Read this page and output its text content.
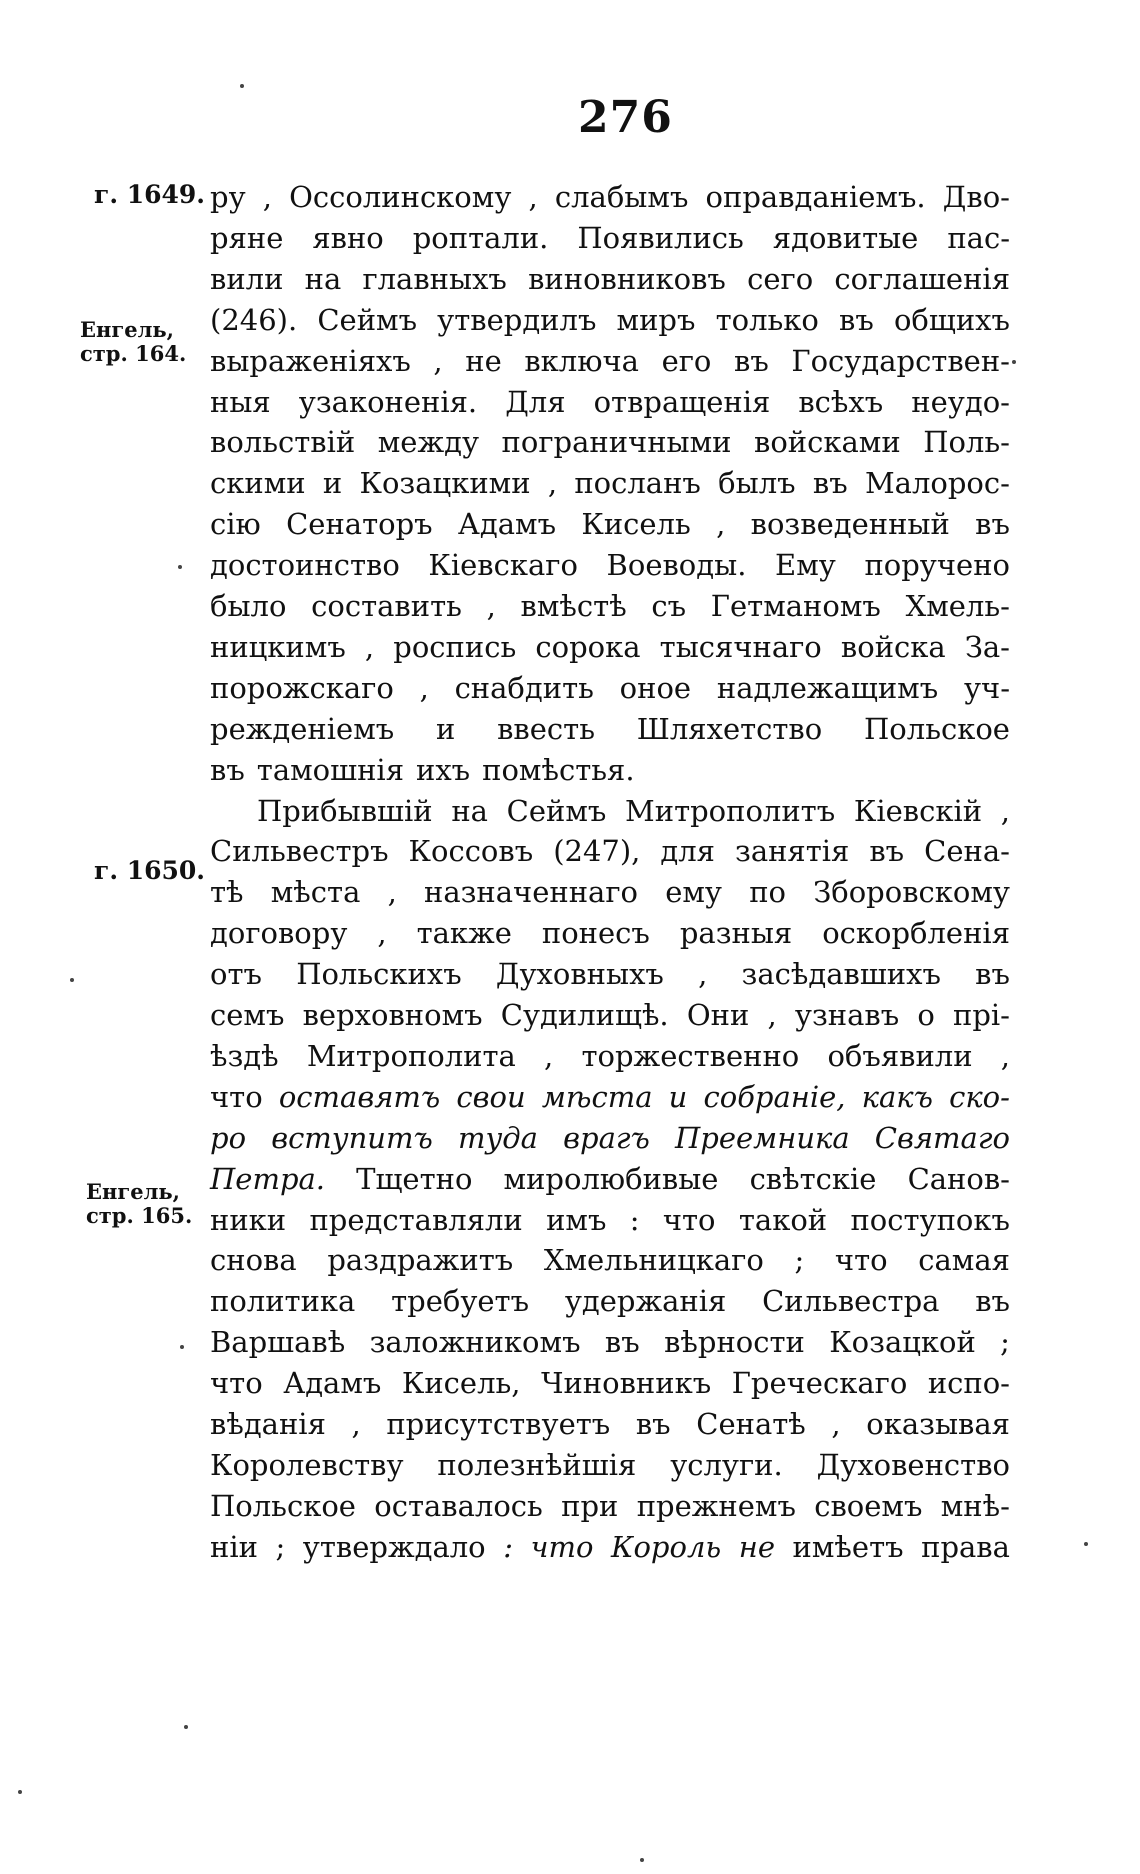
276
г. 1649.
Енгель,
стр. 164.
г. 1650.
Енгель,
стр. 165.
ру , Оссолинскому , слабымъ оправданіемъ. Дво-
ряне явно роптали. Появились ядовитые пас-
вили на главныхъ виновниковъ сего соглашенія
(246). Сеймъ утвердилъ миръ только въ общихъ
выраженіяхъ , не включа его въ Государствен-
ныя узаконенія. Для отвращенія всѣхъ неудо-
вольствій между пограничными войсками Поль-
скими и Козацкими , посланъ былъ въ Малорос-
сію Сенаторъ Адамъ Кисель , возведенный въ
достоинство Кіевскаго Воеводы. Ему поручено
было составить , вмѣстѣ съ Гетманомъ Хмель-
ницкимъ , роспись сорока тысячнаго войска За-
порожскаго , снабдить оное надлежащимъ уч-
режденіемъ и ввесть Шляхетство Польское
въ тамошнія ихъ помѣстья.
Прибывшій на Сеймъ Митрополитъ Кіевскій ,
Сильвестръ Коссовъ (247), для занятія въ Сена-
тѣ мѣста , назначеннаго ему по Зборовскому
договору , также понесъ разныя оскорбленія
отъ Польскихъ Духовныхъ , засѣдавшихъ въ
семъ верховномъ Судилищѣ. Они , узнавъ о прі-
ѣздѣ Митрополита , торжественно объявили ,
что оставятъ свои мѣста и собраніе, какъ ско-
ро вступитъ туда врагъ Преемника Святаго
Петра. Тщетно миролюбивые свѣтскіе Санов-
ники представляли имъ : что такой поступокъ
снова раздражитъ Хмельницкаго ; что самая
политика требуетъ удержанія Сильвестра въ
Варшавѣ заложникомъ въ вѣрности Козацкой ;
что Адамъ Кисель, Чиновникъ Греческаго испо-
вѣданія , присутствуетъ въ Сенатѣ , оказывая
Королевству полезнѣйшія услуги. Духовенство
Польское оставалось при прежнемъ своемъ мнѣ-
ніи ; утверждало : что Король не имѣетъ права
